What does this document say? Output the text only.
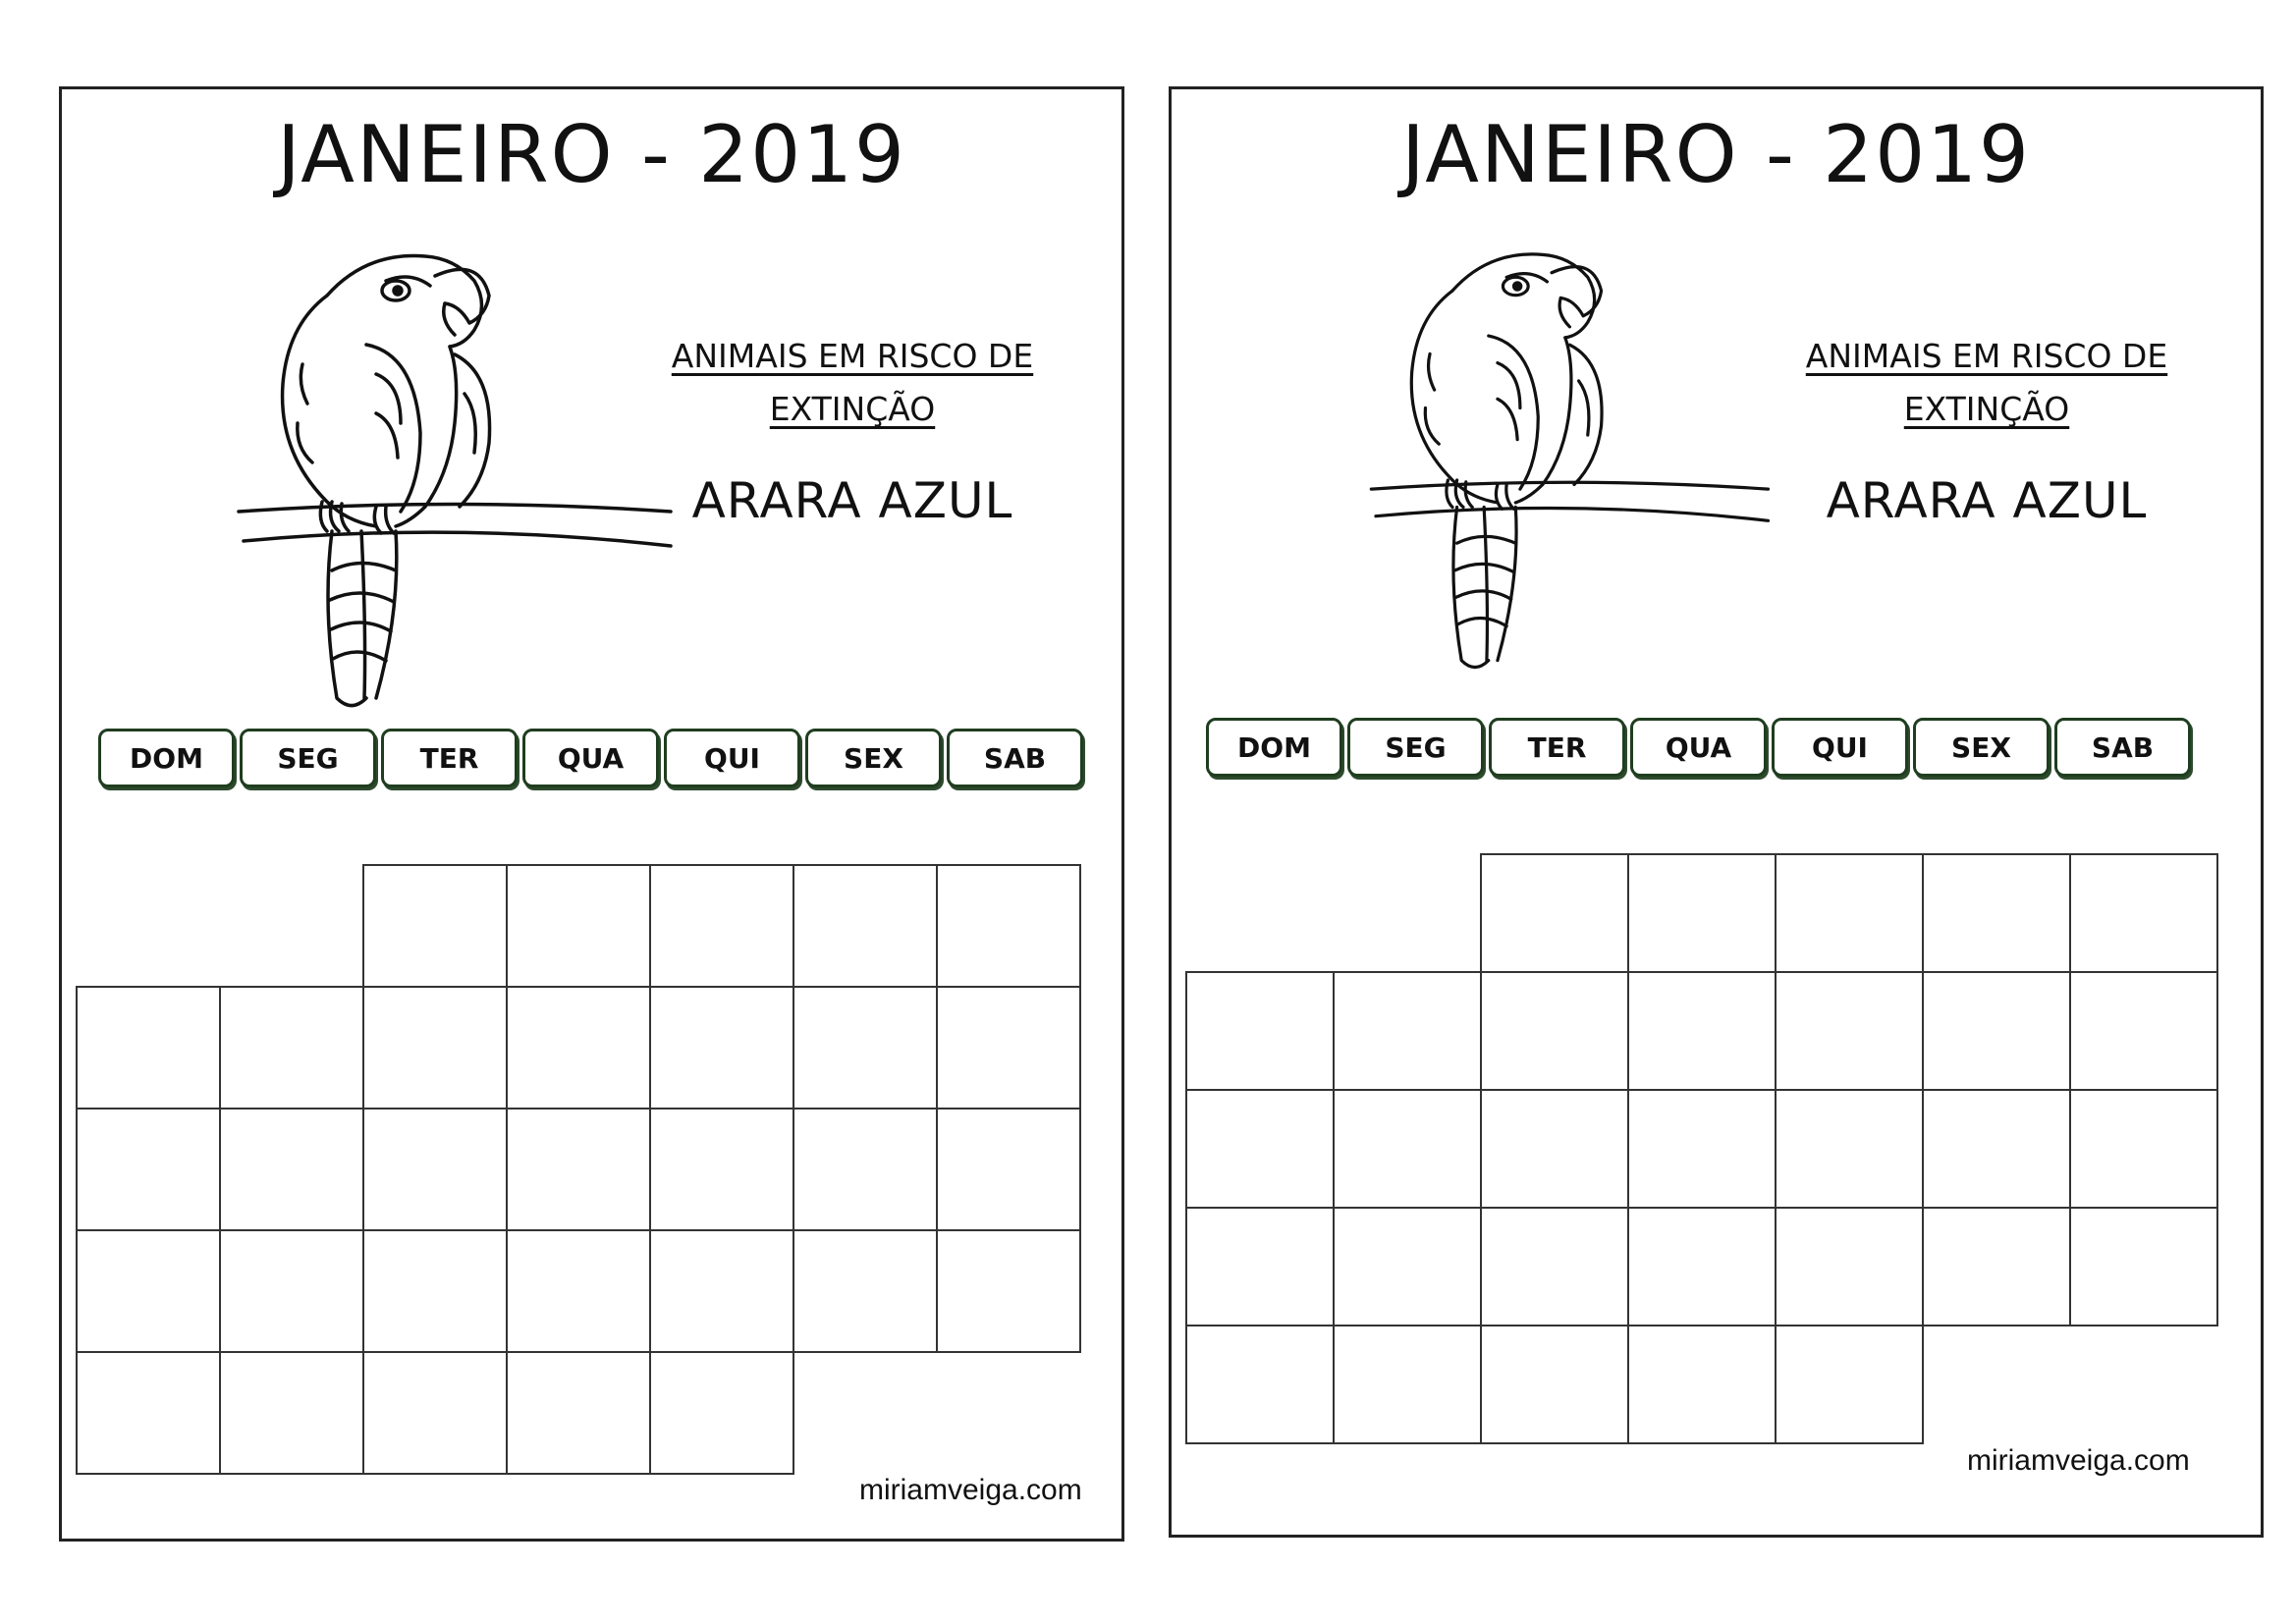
JANEIRO - 2019
ANIMAIS EM RISCO DE
EXTINÇÃO
ARARA AZUL
DOM	SEG	TER	QUA	QUI	SEX	SAB
miriamveiga.com
JANEIRO - 2019
ANIMAIS EM RISCO DE
EXTINÇÃO
ARARA AZUL
DOM	SEG	TER	QUA	QUI	SEX	SAB
miriamveiga.com
